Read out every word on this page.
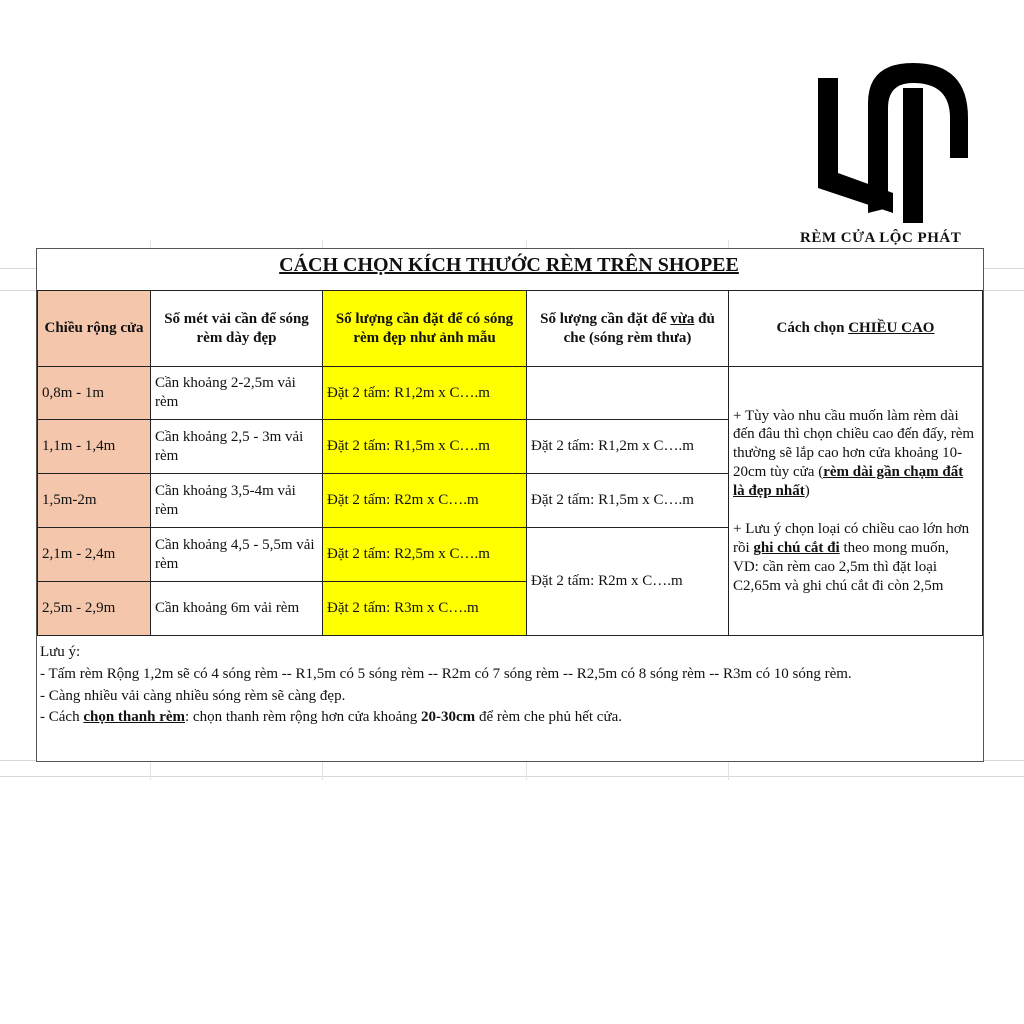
RÈM CỬA LỘC PHÁT
CÁCH CHỌN KÍCH THƯỚC RÈM TRÊN SHOPEE
Chiều rộng cửa	Số mét vải cần để sóng rèm dày đẹp	Số lượng cần đặt để có sóng rèm đẹp như ảnh mẫu	Số lượng cần đặt để vừa đủ che (sóng rèm thưa)	Cách chọn CHIỀU CAO
0,8m - 1m	Cần khoảng 2-2,5m vải rèm	Đặt 2 tấm: R1,2m x C….m		+ Tùy vào nhu cầu muốn làm rèm dài đến đâu thì chọn chiều cao đến đấy, rèm thường sẽ lắp cao hơn cửa khoảng 10-20cm tùy cửa (rèm dài gần chạm đất là đẹp nhất)
+ Lưu ý chọn loại có chiều cao lớn hơn rồi ghi chú cắt đi theo mong muốn, VD: cần rèm cao 2,5m thì đặt loại C2,65m và ghi chú cắt đi còn 2,5m

1,1m - 1,4m	Cần khoảng 2,5 - 3m vải rèm	Đặt 2 tấm: R1,5m x C….m	Đặt 2 tấm: R1,2m x C….m	
1,5m-2m	Cần khoảng 3,5-4m vải rèm	Đặt 2 tấm: R2m x C….m	Đặt 2 tấm: R1,5m x C….m	
2,1m - 2,4m	Cần khoảng 4,5 - 5,5m vải rèm	Đặt 2 tấm: R2,5m x C….m	Đặt 2 tấm: R2m x C….m	
2,5m - 2,9m	Cần khoảng 6m vải rèm	Đặt 2 tấm: R3m x C….m		
Lưu ý:
- Tấm rèm Rộng 1,2m sẽ có 4 sóng rèm -- R1,5m có 5 sóng rèm -- R2m có 7 sóng rèm -- R2,5m có 8 sóng rèm -- R3m có 10 sóng rèm.
- Càng nhiều vải càng nhiều sóng rèm sẽ càng đẹp.
- Cách chọn thanh rèm: chọn thanh rèm rộng hơn cửa khoảng 20-30cm để rèm che phủ hết cửa.
